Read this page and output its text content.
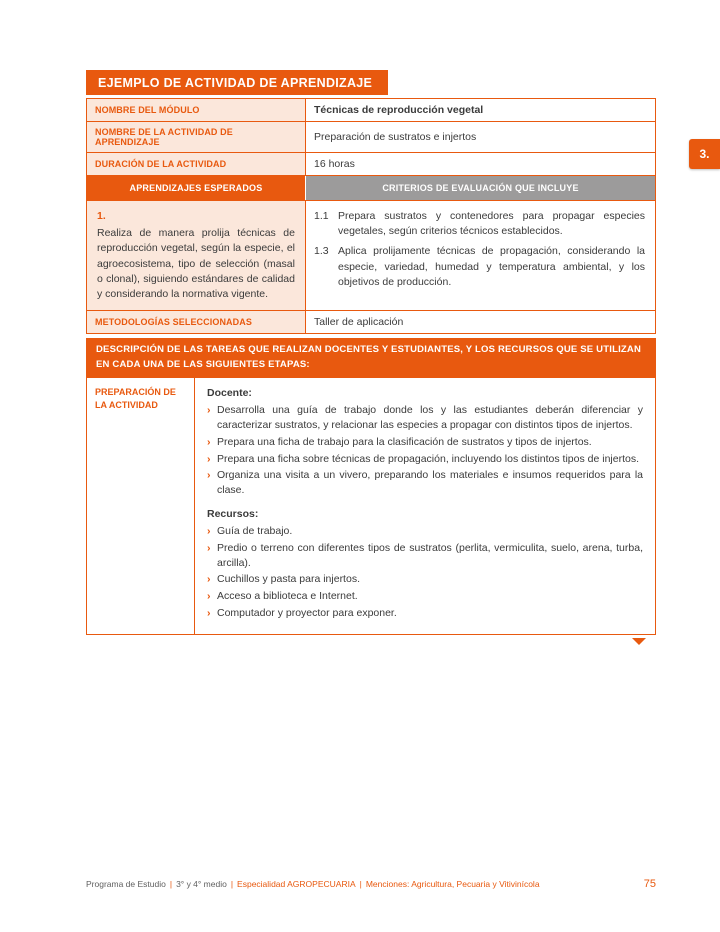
EJEMPLO DE ACTIVIDAD DE APRENDIZAJE
NOMBRE DEL MÓDULO	Técnicas de reproducción vegetal
NOMBRE DE LA ACTIVIDAD DE APRENDIZAJE	Preparación de sustratos e injertos
DURACIÓN DE LA ACTIVIDAD	16 horas
APRENDIZAJES ESPERADOS	CRITERIOS DE EVALUACIÓN QUE INCLUYE
1.
Realiza de manera prolija técnicas de reproducción vegetal, según la especie, el agroecosistema, tipo de selección (masal o clonal), siguiendo estándares de calidad y considerando la normativa vigente.
1.1 Prepara sustratos y contenedores para propagar especies vegetales, según criterios técnicos establecidos.
1.3 Aplica prolijamente técnicas de propagación, considerando la especie, variedad, humedad y temperatura ambiental, y los objetivos de producción.
METODOLOGÍAS SELECCIONADAS	Taller de aplicación
DESCRIPCIÓN DE LAS TAREAS QUE REALIZAN DOCENTES Y ESTUDIANTES, Y LOS RECURSOS QUE SE UTILIZAN EN CADA UNA DE LAS SIGUIENTES ETAPAS:
PREPARACIÓN DE LA ACTIVIDAD
Docente:
› Desarrolla una guía de trabajo donde los y las estudiantes deberán diferenciar y caracterizar sustratos, y relacionar las especies a propagar con distintos tipos de injertos.
› Prepara una ficha de trabajo para la clasificación de sustratos y tipos de injertos.
› Prepara una ficha sobre técnicas de propagación, incluyendo los distintos tipos de injertos.
› Organiza una visita a un vivero, preparando los materiales e insumos requeridos para la clase.
Recursos:
› Guía de trabajo.
› Predio o terreno con diferentes tipos de sustratos (perlita, vermiculita, suelo, arena, turba, arcilla).
› Cuchillos y pasta para injertos.
› Acceso a biblioteca e Internet.
› Computador y proyector para exponer.
3.
Programa de Estudio | 3° y 4° medio | Especialidad AGROPECUARIA | Menciones: Agricultura, Pecuaria y Vitivinícola	75
